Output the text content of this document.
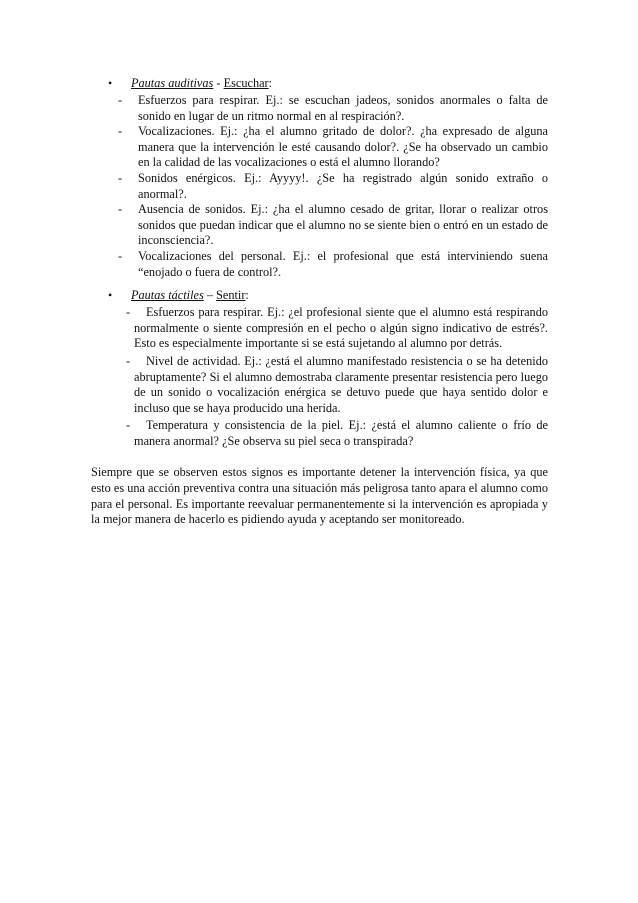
• Pautas auditivas - Escuchar:
- Esfuerzos para respirar. Ej.: se escuchan jadeos, sonidos anormales o falta de sonido en lugar de un ritmo normal en al respiración?.
- Vocalizaciones. Ej.: ¿ha el alumno gritado de dolor?. ¿ha expresado de alguna manera que la intervención le esté causando dolor?. ¿Se ha observado un cambio en la calidad de las vocalizaciones o está el alumno llorando?
- Sonidos enérgicos. Ej.: Ayyyy!. ¿Se ha registrado algún sonido extraño o anormal?.
- Ausencia de sonidos. Ej.: ¿ha el alumno cesado de gritar, llorar o realizar otros sonidos que puedan indicar que el alumno no se siente bien o entró en un estado de inconsciencia?.
- Vocalizaciones del personal. Ej.: el profesional que está interviniendo suena “enojado o fuera de control?.
• Pautas táctiles – Sentir:
-	Esfuerzos para respirar. Ej.: ¿el profesional siente que el alumno está respirando normalmente o siente compresión en el pecho o algún signo indicativo de estrés?. Esto es especialmente importante si se está sujetando al alumno por detrás.
-	Nivel de actividad. Ej.: ¿está el alumno manifestado resistencia o se ha detenido abruptamente? Si el alumno demostraba claramente presentar resistencia pero luego de un sonido o vocalización enérgica se detuvo puede que haya sentido dolor e incluso que se haya producido una herida.
-	Temperatura y consistencia de la piel. Ej.: ¿está el alumno caliente o frío de manera anormal? ¿Se observa su piel seca o transpirada?
Siempre que se observen estos signos es importante detener la intervención física, ya que esto es una acción preventiva contra una situación más peligrosa tanto apara el alumno como para el personal. Es importante reevaluar permanentemente si la intervención es apropiada y la mejor manera de hacerlo es pidiendo ayuda y aceptando ser monitoreado.
